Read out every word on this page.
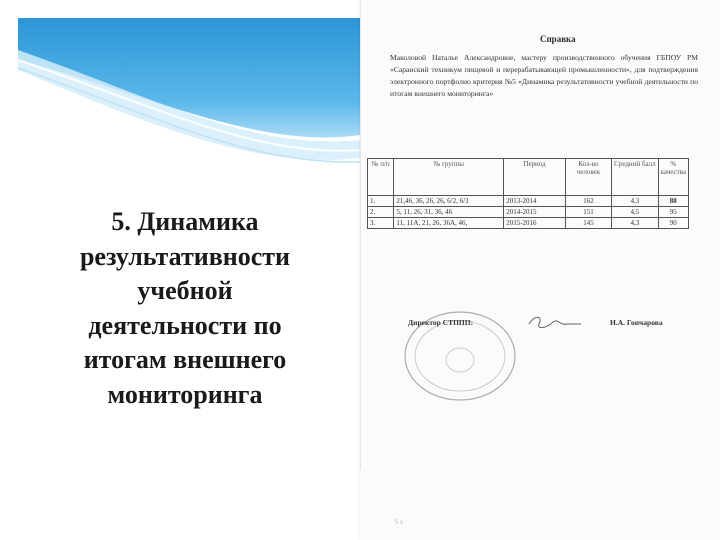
5. Динамика
результативности
учебной
деятельности по
итогам внешнего
мониторинга
Справка
Маколовой Наталье Александровне, мастеру производственного обучения ГБПОУ РМ «Саранский техникум пищевой и перерабатывающей промышленности», для подтверждения электронного портфолио критерия №5 «Динамика результативности учебной деятельности по итогам внешнего мониторинга»
№ п/п	№ группы	Период	Кол-во человек	Средний балл	% качества
1.	21,46, 36, 26, 26, 6/2, 6/3	2013-2014	162	4,3	88
2.	5, 11, 26, 31, 36, 46	2014-2015	151	4,5	95
3.	11, 11А, 21, 26, 36А, 46,	2015-2016	145	4,3	90
Директор СТППП:	Н.А. Гончарова
5 з
